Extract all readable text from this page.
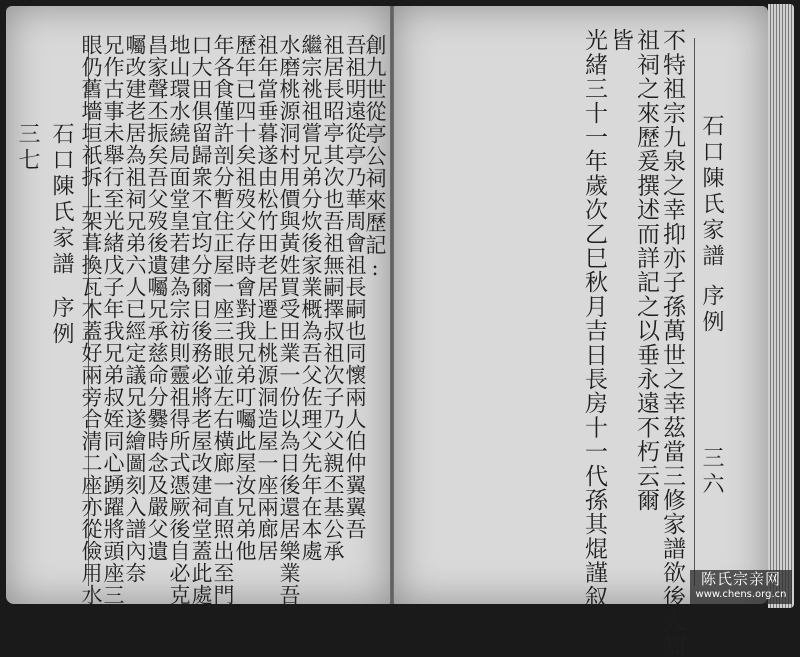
三七 石口陳氏家譜
序例 眼仍舊墻垣祇拆上架葺換瓦木蓋好兩旁合清二座亦從儉用水
兄作古事未舉行至光緒戊子年我兄弟叔姪同心踴躍將頭座三
囑改建老居為祖祠兄弟六人已經定議兄遂繪圖刻入譜內奈
昌家聲丕振矣吾父歿後遺囑兄承慈命分爨時念及嚴父遺
地山環水繞局面堂皇若建為宗祊則靈祖得所式憑厥後自必克
口大田俱留歸衆不宜均分爾日後務必將老屋改建祠堂蓋此處
年各食僅許剖分暫住正屋一座三眼並左右橫廊一直照出至門
歷年已四十矣祖歿父存時會對我兄弟叮囑此屋汝兄弟他
祖年當垂暮遂由松竹田老居遷上桃源洞造屋一座兩廊居
水磨桃源洞村用價與黃姓買受田業一份以為日後還居樂業吾
繼宗祧祖嘗兄弟分炊後家業概為吾父佐理父先年在本處
祖居長昭亭其次也吾祖無嗣擇叔祖次子乃父親丕基公承
吾祖明遠從亭乃華周會祖長嗣也同懷兩人伯仲翼翼吾
創九世從亭公祠來歷記:	光緒三十一年歲次乙巳秋月吉日長房十一代孫其焜謹叙 皆 祖祠之來歷爰撰述而詳記之以垂永遠不朽云爾 不特祖宗九泉之幸抑亦子孫萬世之幸茲當三修家譜欲後人知 石口陳氏家譜
序例
三六
陈氏宗亲网
www.chens.org.cn
